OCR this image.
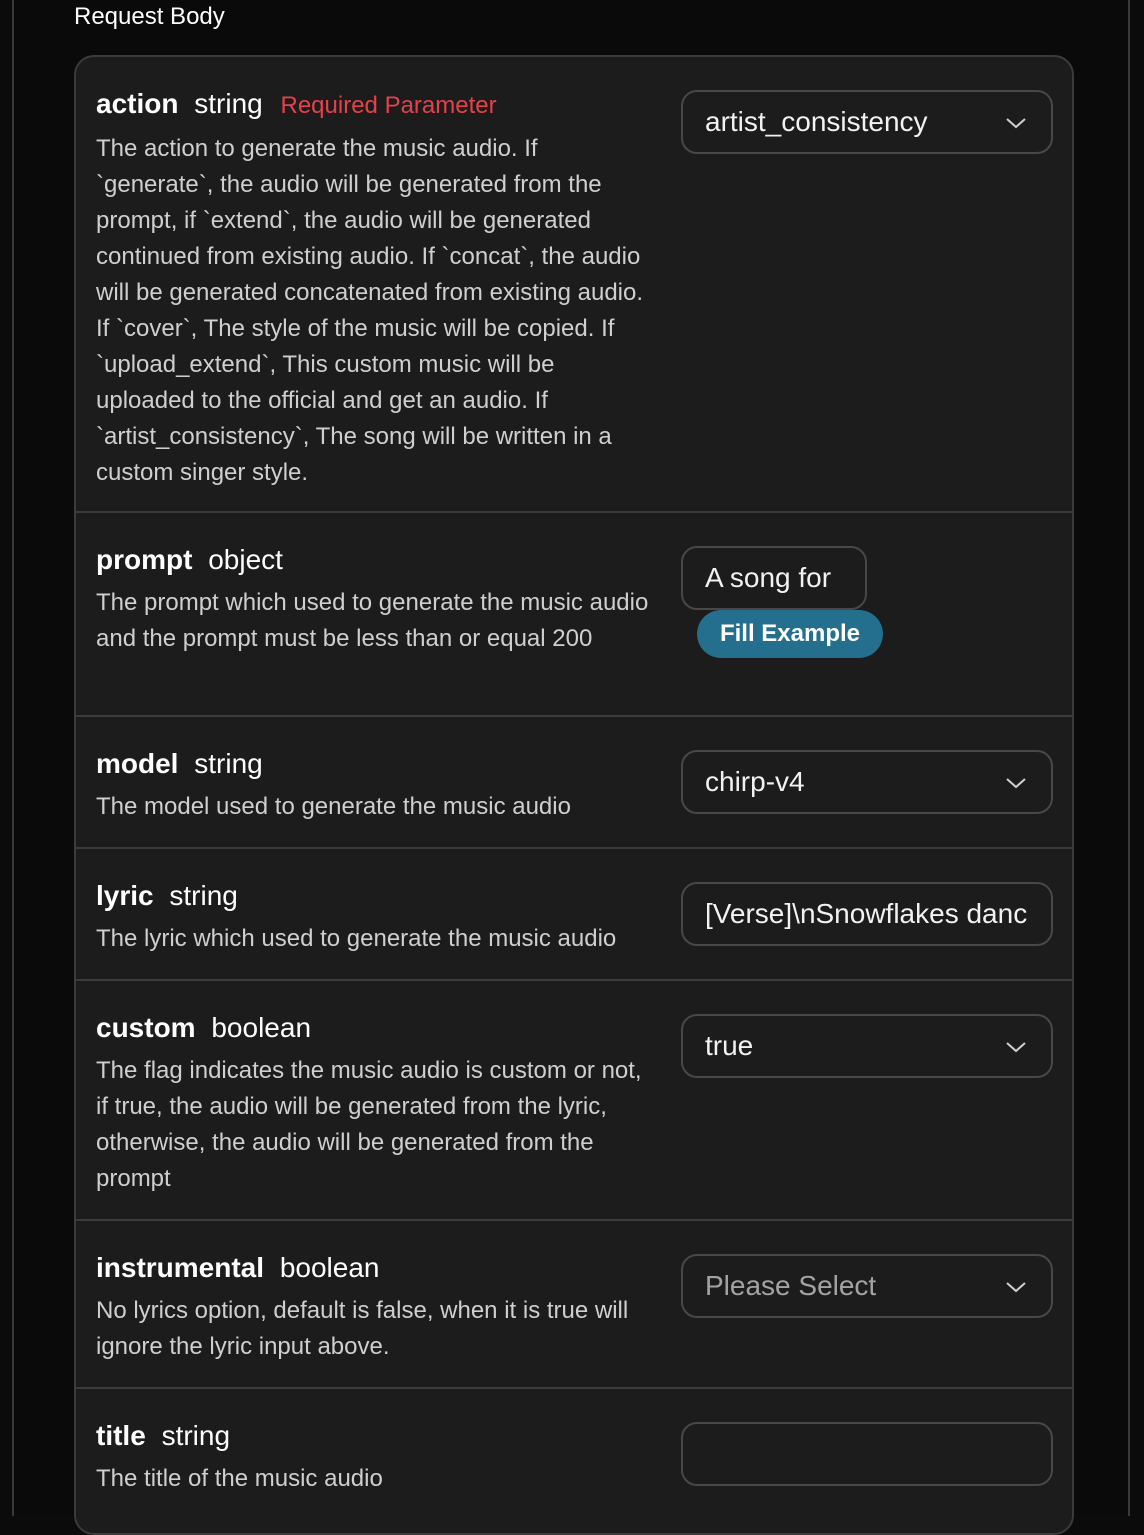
Request Body
action string Required Parameter
The action to generate the music audio. If `generate`, the audio will be generated from the prompt, if `extend`, the audio will be generated continued from existing audio. If `concat`, the audio will be generated concatenated from existing audio. If `cover`, The style of the music will be copied. If `upload_extend`, This custom music will be uploaded to the official and get an audio. If `artist_consistency`, The song will be written in a custom singer style.
artist_consistency
prompt object
The prompt which used to generate the music audio and the prompt must be less than or equal 200
A song for
Fill Example
model string
The model used to generate the music audio
chirp-v4
lyric string
The lyric which used to generate the music audio
[Verse]\nSnowflakes danc
custom boolean
The flag indicates the music audio is custom or not, if true, the audio will be generated from the lyric, otherwise, the audio will be generated from the prompt
true
instrumental boolean
No lyrics option, default is false, when it is true will ignore the lyric input above.
Please Select
title string
The title of the music audio
